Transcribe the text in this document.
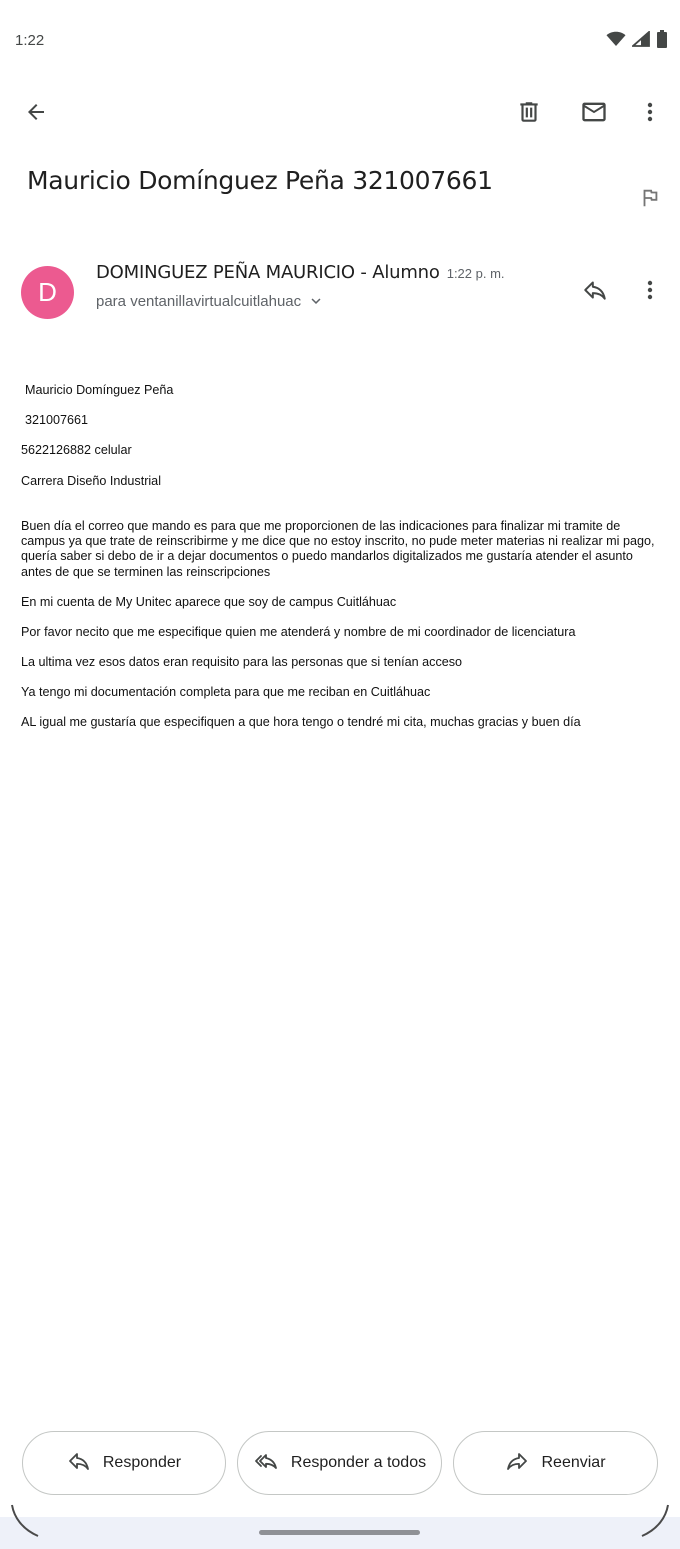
1:22
Mauricio Domínguez Peña 321007661
D
DOMINGUEZ PEÑA MAURICIO - Alumno 1:22 p. m.
para ventanillavirtualcuitlahuac
Mauricio Domínguez Peña
321007661
5622126882 celular
Carrera Diseño Industrial
Buen día el correo que mando es para que me proporcionen de las indicaciones para finalizar mi tramite de campus ya que trate de reinscribirme y me dice que no estoy inscrito, no pude meter materias ni realizar mi pago, quería saber si debo de ir a dejar documentos o puedo mandarlos digitalizados me gustaría atender el asunto antes de que se terminen las reinscripciones
En mi cuenta de My Unitec aparece que soy de campus Cuitláhuac
Por favor necito que me especifique quien me atenderá y nombre de mi coordinador de licenciatura
La ultima vez esos datos eran requisito para las personas que si tenían acceso
Ya tengo mi documentación completa para que me reciban en Cuitláhuac
AL igual me gustaría que especifiquen a que hora tengo o tendré mi cita, muchas gracias y buen día
Responder	Responder a todos	Reenviar
